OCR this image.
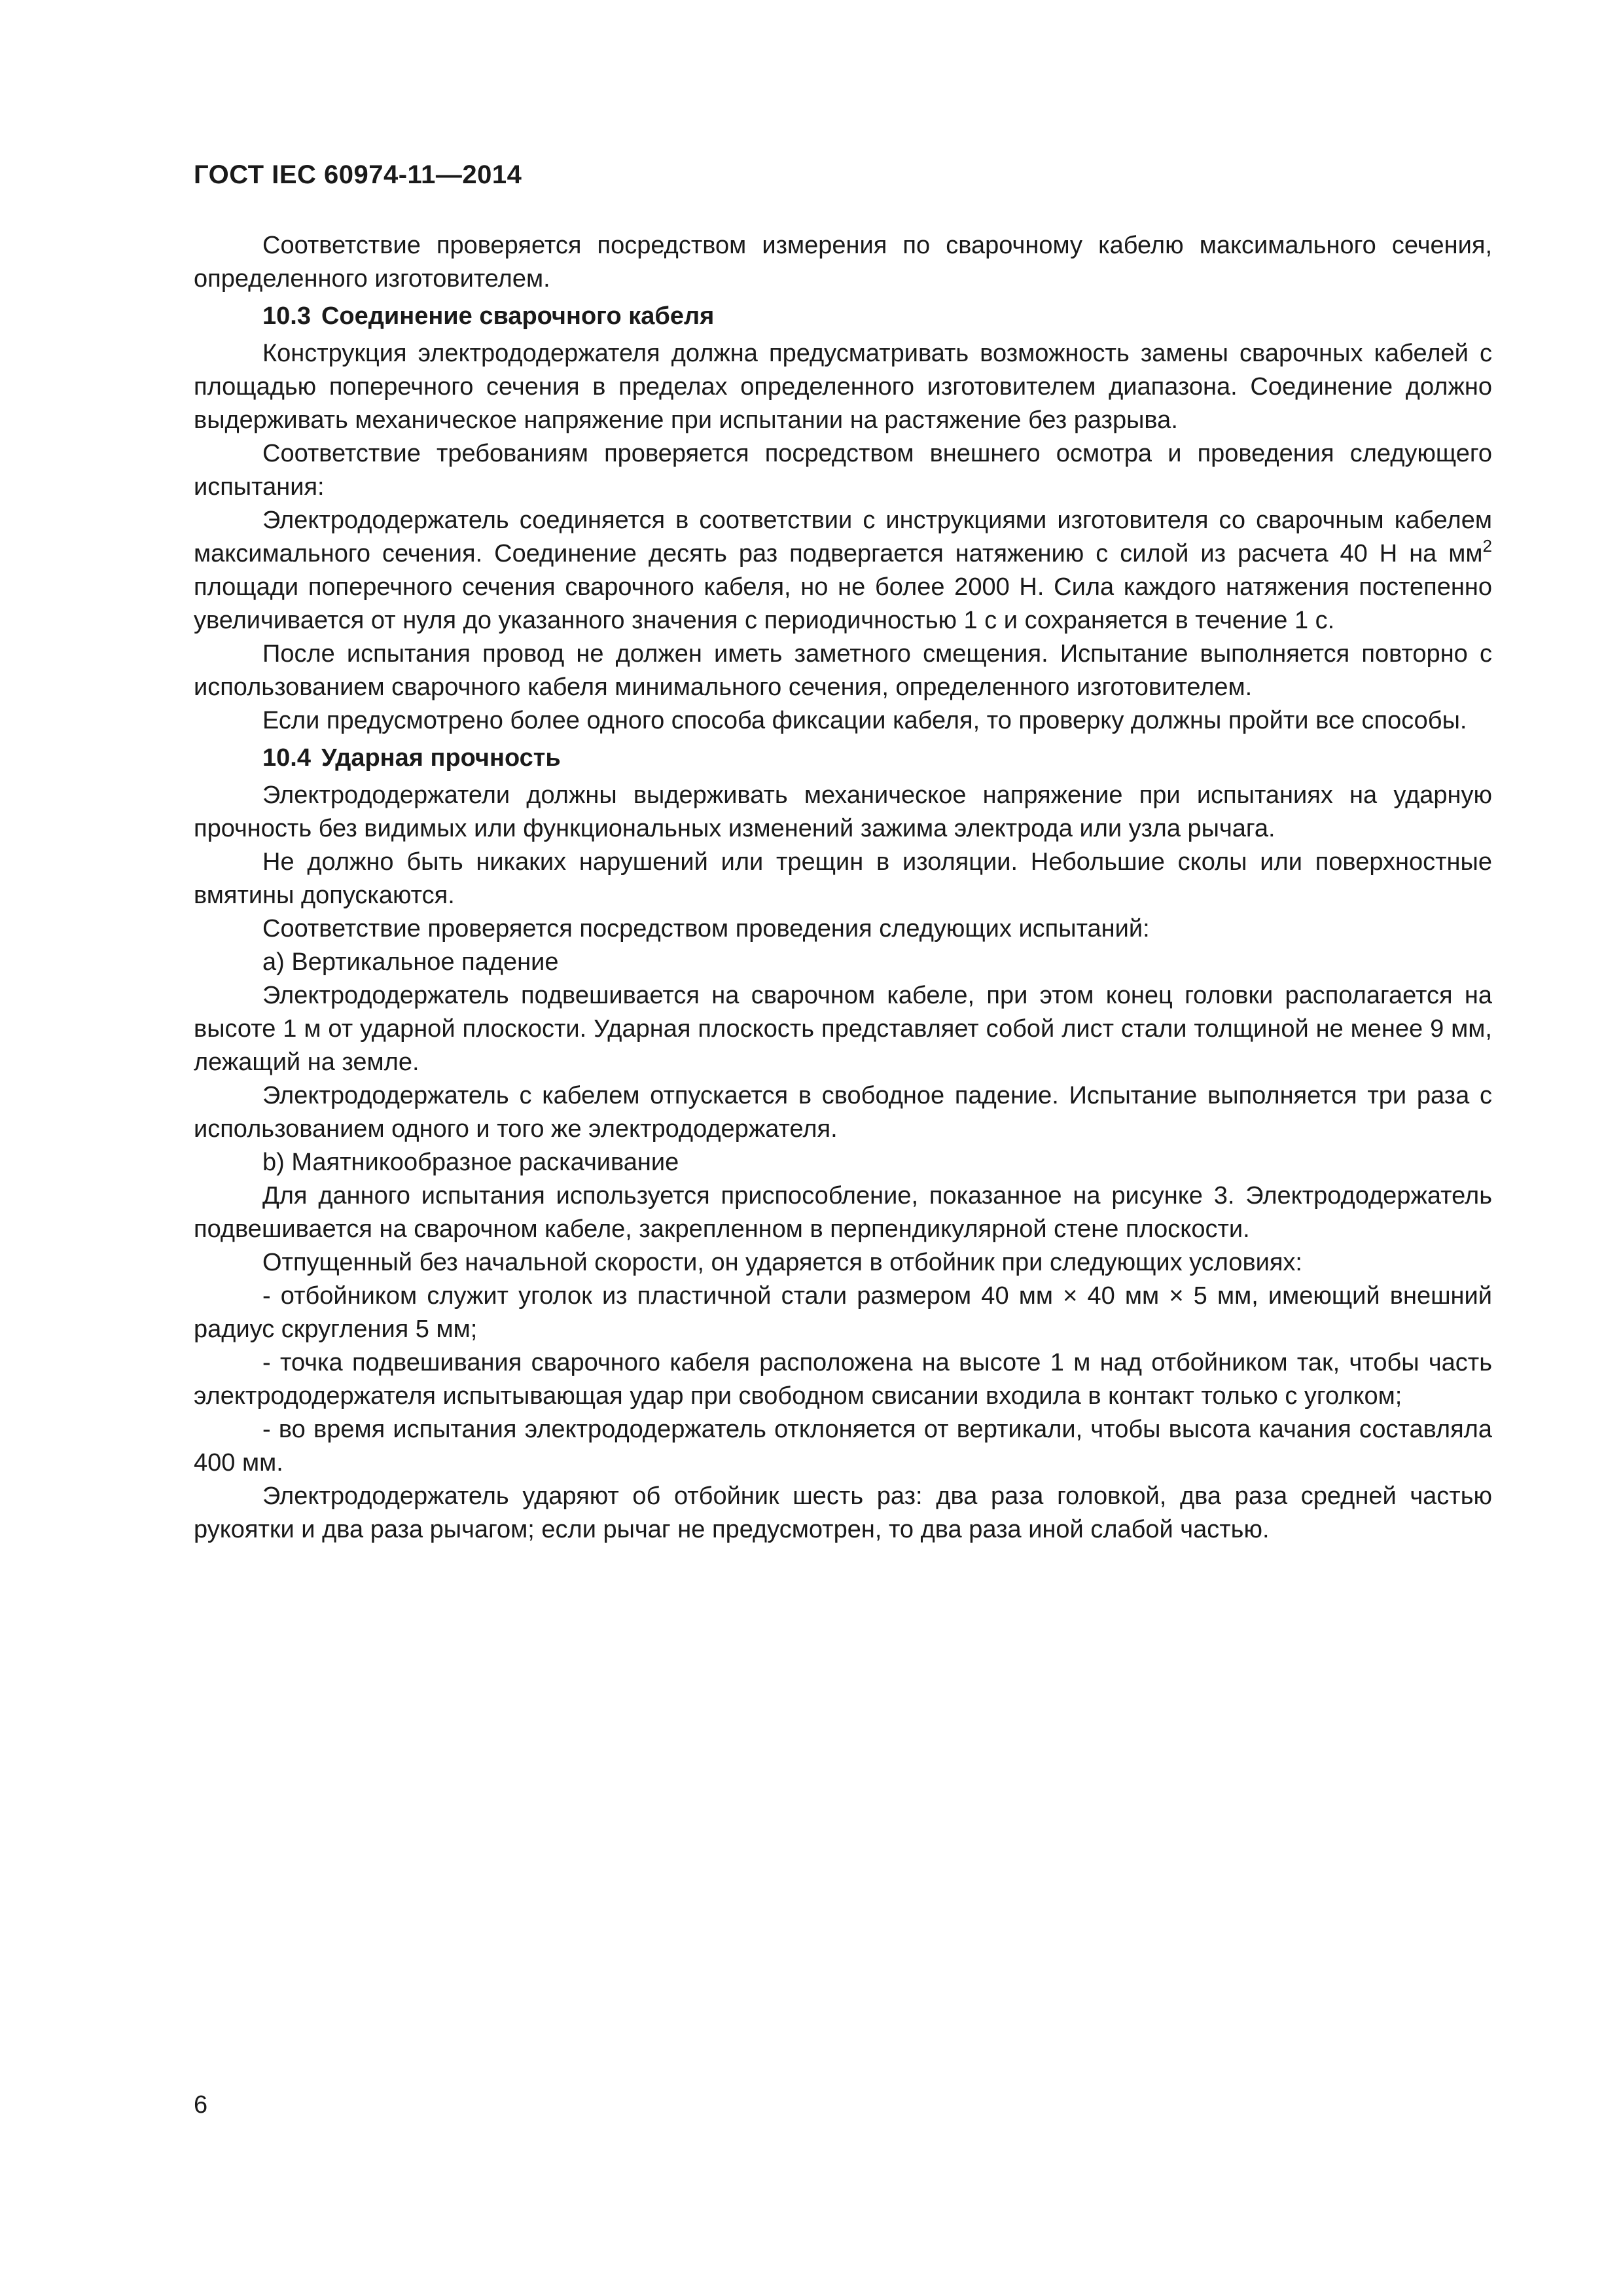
ГОСТ IEC 60974-11—2014

Соответствие проверяется посредством измерения по сварочному кабелю максимального сечения, определенного изготовителем.

10.3 Соединение сварочного кабеля

Конструкция электрододержателя должна предусматривать возможность замены сварочных кабелей с площадью поперечного сечения в пределах определенного изготовителем диапазона. Соединение должно выдерживать механическое напряжение при испытании на растяжение без разрыва.

Соответствие требованиям проверяется посредством внешнего осмотра и проведения следующего испытания:

Электрододержатель соединяется в соответствии с инструкциями изготовителя со сварочным кабелем максимального сечения. Соединение десять раз подвергается натяжению с силой из расчета 40 Н на $мм^2$ площади поперечного сечения сварочного кабеля, но не более 2000 Н. Сила каждого натяжения постепенно увеличивается от нуля до указанного значения с периодичностью 1 с и сохраняется в течение 1 с.

После испытания провод не должен иметь заметного смещения. Испытание выполняется повторно с использованием сварочного кабеля минимального сечения, определенного изготовителем.

Если предусмотрено более одного способа фиксации кабеля, то проверку должны пройти все способы.

10.4 Ударная прочность

Электрододержатели должны выдерживать механическое напряжение при испытаниях на ударную прочность без видимых или функциональных изменений зажима электрода или узла рычага.

Не должно быть никаких нарушений или трещин в изоляции. Небольшие сколы или поверхностные вмятины допускаются.

Соответствие проверяется посредством проведения следующих испытаний:

a) Вертикальное падение

Электрододержатель подвешивается на сварочном кабеле, при этом конец головки располагается на высоте 1 м от ударной плоскости. Ударная плоскость представляет собой лист стали толщиной не менее 9 мм, лежащий на земле.

Электрододержатель с кабелем отпускается в свободное падение. Испытание выполняется три раза с использованием одного и того же электрододержателя.

b) Маятникообразное раскачивание

Для данного испытания используется приспособление, показанное на рисунке 3. Электрододержатель подвешивается на сварочном кабеле, закрепленном в перпендикулярной стене плоскости.

Отпущенный без начальной скорости, он ударяется в отбойник при следующих условиях:

- отбойником служит уголок из пластичной стали размером 40 мм × 40 мм × 5 мм, имеющий внешний радиус скругления 5 мм;

- точка подвешивания сварочного кабеля расположена на высоте 1 м над отбойником так, чтобы часть электрододержателя испытывающая удар при свободном свисании входила в контакт только с уголком;

- во время испытания электрододержатель отклоняется от вертикали, чтобы высота качания составляла 400 мм.

Электрододержатель ударяют об отбойник шесть раз: два раза головкой, два раза средней частью рукоятки и два раза рычагом; если рычаг не предусмотрен, то два раза иной слабой частью.

6
